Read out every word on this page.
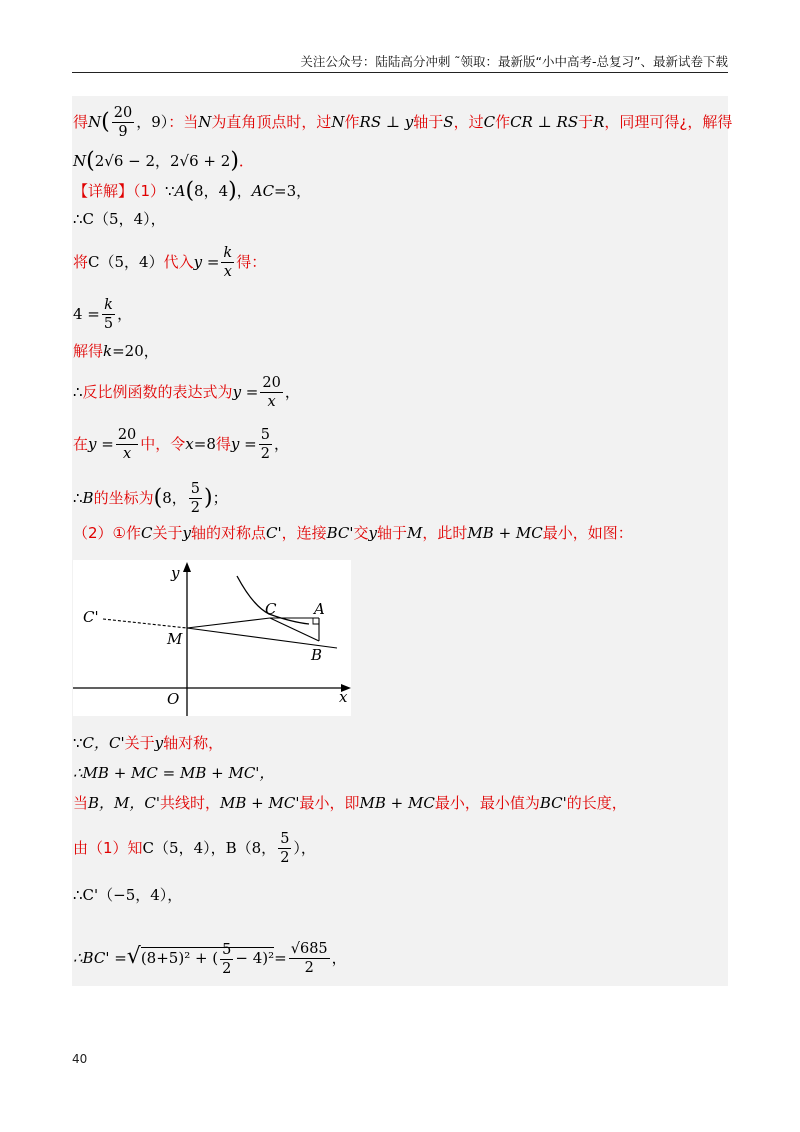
关注公众号：陆陆高分冲刺 ˜领取：最新版“小中高考-总复习”、最新试卷下载
得$N( \frac{20}{9}$ ，9）：当N为直角顶点时，过N作RS ⊥ y轴于S，过C作CR ⊥ RS于R，同理可得¿，解得
N(2√6 − 2，2√6 + 2)．
【详解】（1）∵A(8，4)，AC=3，
∴C（5，4），
将C（5，4）代入$y = \frac{k}{x}$ 得：
$4 = \frac{k}{5}$ ，
解得k=20，
∴反比例函数的表达式为$y = \frac{20}{x}$ ，
在$y = \frac{20}{x}$ 中，令x=8得$y = \frac{5}{2}$ ，
∴B的坐标为(8， $\frac{5}{2}$ )；
（2）①作C关于y轴的对称点C'，连接BC'交y轴于M，此时MB + MC最小，如图：
y
x
O
M
C	A
B
C'
∵C，C'关于y轴对称，
∴MB + MC = MB + MC'，
当B，M，C'共线时，MB + MC'最小，即MB + MC最小，最小值为BC'的长度，
由（1）知C（5，4），B（8， $\frac{5}{2}$ ），
∴C'（−5，4），
∴BC' =√(8+5)² + ( $\frac{5}{2} - 4)^2= \frac{√685}{2}$ ，
40
